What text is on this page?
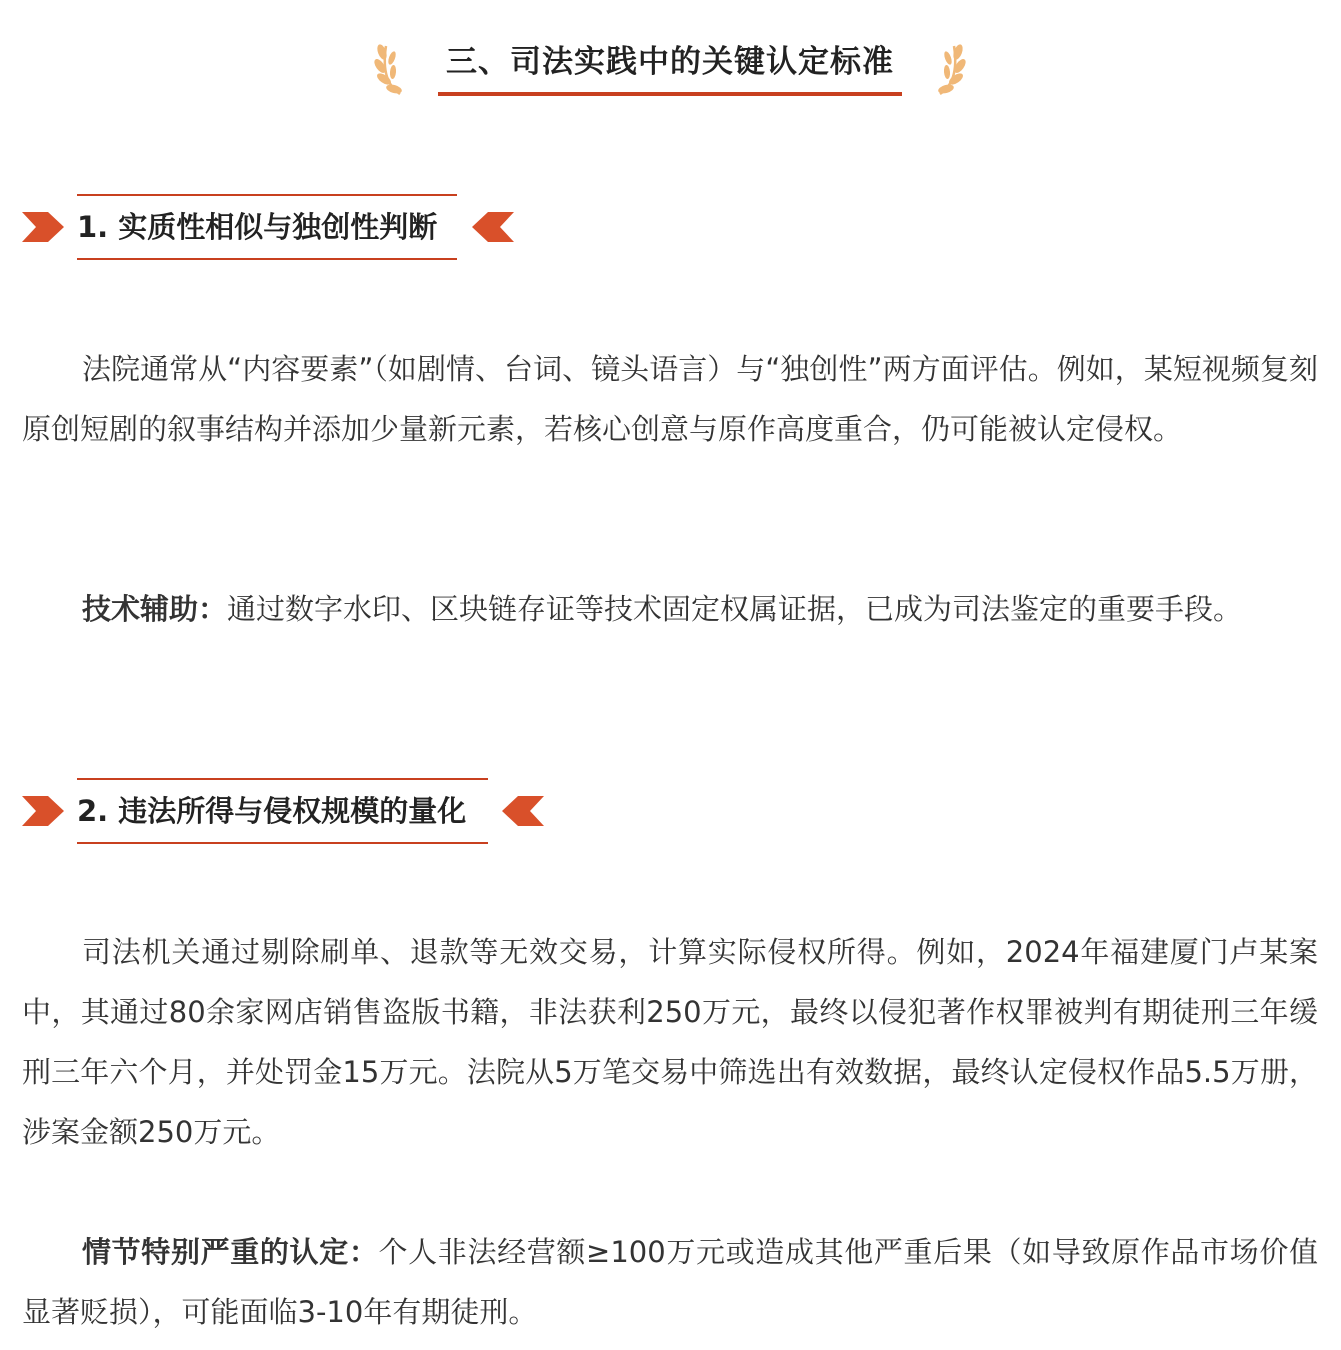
三、司法实践中的关键认定标准
1. 实质性相似与独创性判断

法院通常从“内容要素”（如剧情、台词、镜头语言）与“独创性”两方面评估。例如，某短视频复刻原创短剧的叙事结构并添加少量新元素，若核心创意与原作高度重合，仍可能被认定侵权。

技术辅助：通过数字水印、区块链存证等技术固定权属证据，已成为司法鉴定的重要手段。

2. 违法所得与侵权规模的量化

司法机关通过剔除刷单、退款等无效交易，计算实际侵权所得。例如，2024年福建厦门卢某案中，其通过80余家网店销售盗版书籍，非法获利250万元，最终以侵犯著作权罪被判有期徒刑三年缓刑三年六个月，并处罚金15万元。法院从5万笔交易中筛选出有效数据，最终认定侵权作品5.5万册，涉案金额250万元。

情节特别严重的认定：个人非法经营额≥100万元或造成其他严重后果（如导致原作品市场价值显著贬损），可能面临3-10年有期徒刑。
